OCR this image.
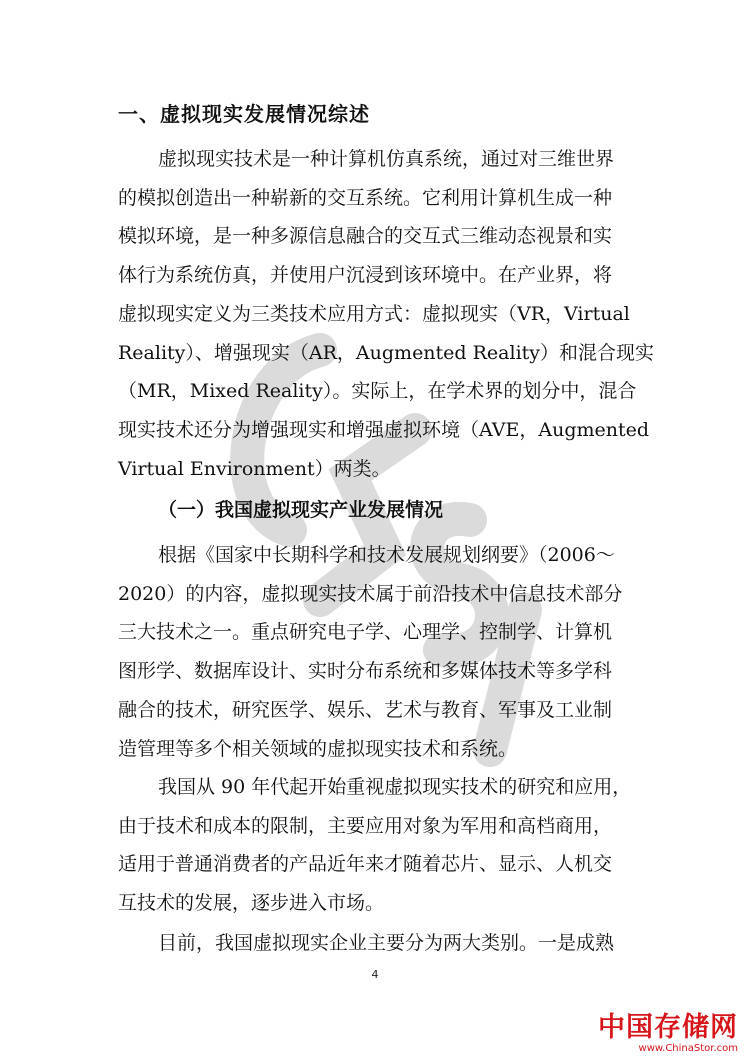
一、虚拟现实发展情况综述

虚拟现实技术是一种计算机仿真系统，通过对三维世界
的模拟创造出一种崭新的交互系统。它利用计算机生成一种
模拟环境，是一种多源信息融合的交互式三维动态视景和实
体行为系统仿真，并使用户沉浸到该环境中。在产业界，将
虚拟现实定义为三类技术应用方式：虚拟现实（VR，Virtual
Reality）、增强现实（AR，Augmented Reality）和混合现实
（MR，Mixed Reality）。实际上，在学术界的划分中，混合
现实技术还分为增强现实和增强虚拟环境（AVE，Augmented
Virtual Environment）两类。

（一）我国虚拟现实产业发展情况

根据《国家中长期科学和技术发展规划纲要》（2006～
2020）的内容，虚拟现实技术属于前沿技术中信息技术部分
三大技术之一。重点研究电子学、心理学、控制学、计算机
图形学、数据库设计、实时分布系统和多媒体技术等多学科
融合的技术，研究医学、娱乐、艺术与教育、军事及工业制
造管理等多个相关领域的虚拟现实技术和系统。

我国从 90 年代起开始重视虚拟现实技术的研究和应用，
由于技术和成本的限制，主要应用对象为军用和高档商用，
适用于普通消费者的产品近年来才随着芯片、显示、人机交
互技术的发展，逐步进入市场。

目前，我国虚拟现实企业主要分为两大类别。一是成熟

4
中国存储网
www.ChinaStor.com
